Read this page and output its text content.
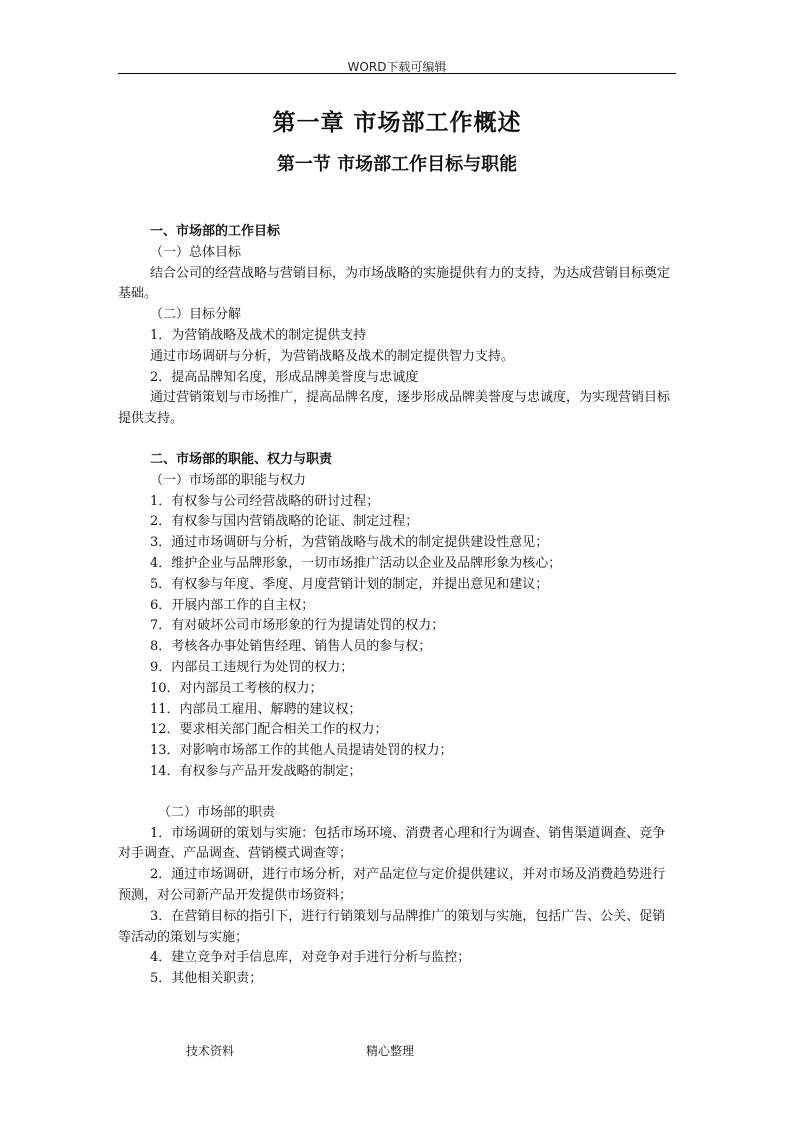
WORD下载可编辑
第一章 市场部工作概述
第一节 市场部工作目标与职能

一、市场部的工作目标

（一）总体目标

结合公司的经营战略与营销目标，为市场战略的实施提供有力的支持，为达成营销目标奠定基础。

（二）目标分解

1．为营销战略及战术的制定提供支持

通过市场调研与分析，为营销战略及战术的制定提供智力支持。

2．提高品牌知名度，形成品牌美誉度与忠诚度

通过营销策划与市场推广，提高品牌名度，逐步形成品牌美誉度与忠诚度，为实现营销目标提供支持。

二、市场部的职能、权力与职责

（一）市场部的职能与权力

1．有权参与公司经营战略的研讨过程；

2．有权参与国内营销战略的论证、制定过程；

3．通过市场调研与分析，为营销战略与战术的制定提供建设性意见；

4．维护企业与品牌形象，一切市场推广活动以企业及品牌形象为核心；

5．有权参与年度、季度、月度营销计划的制定，并提出意见和建议；

6．开展内部工作的自主权；

7．有对破坏公司市场形象的行为提请处罚的权力；

8．考核各办事处销售经理、销售人员的参与权；

9．内部员工违规行为处罚的权力；

10．对内部员工考核的权力；

11．内部员工雇用、解聘的建议权；

12．要求相关部门配合相关工作的权力；

13．对影响市场部工作的其他人员提请处罚的权力；

14．有权参与产品开发战略的制定；

（二）市场部的职责

1．市场调研的策划与实施：包括市场环境、消费者心理和行为调查、销售渠道调查、竞争对手调查、产品调查、营销模式调查等；

2．通过市场调研，进行市场分析，对产品定位与定价提供建议，并对市场及消费趋势进行预测，对公司新产品开发提供市场资料；

3．在营销目标的指引下，进行行销策划与品牌推广的策划与实施，包括广告、公关、促销等活动的策划与实施；

4．建立竞争对手信息库，对竞争对手进行分析与监控；

5．其他相关职责；

技术资料	精心整理
